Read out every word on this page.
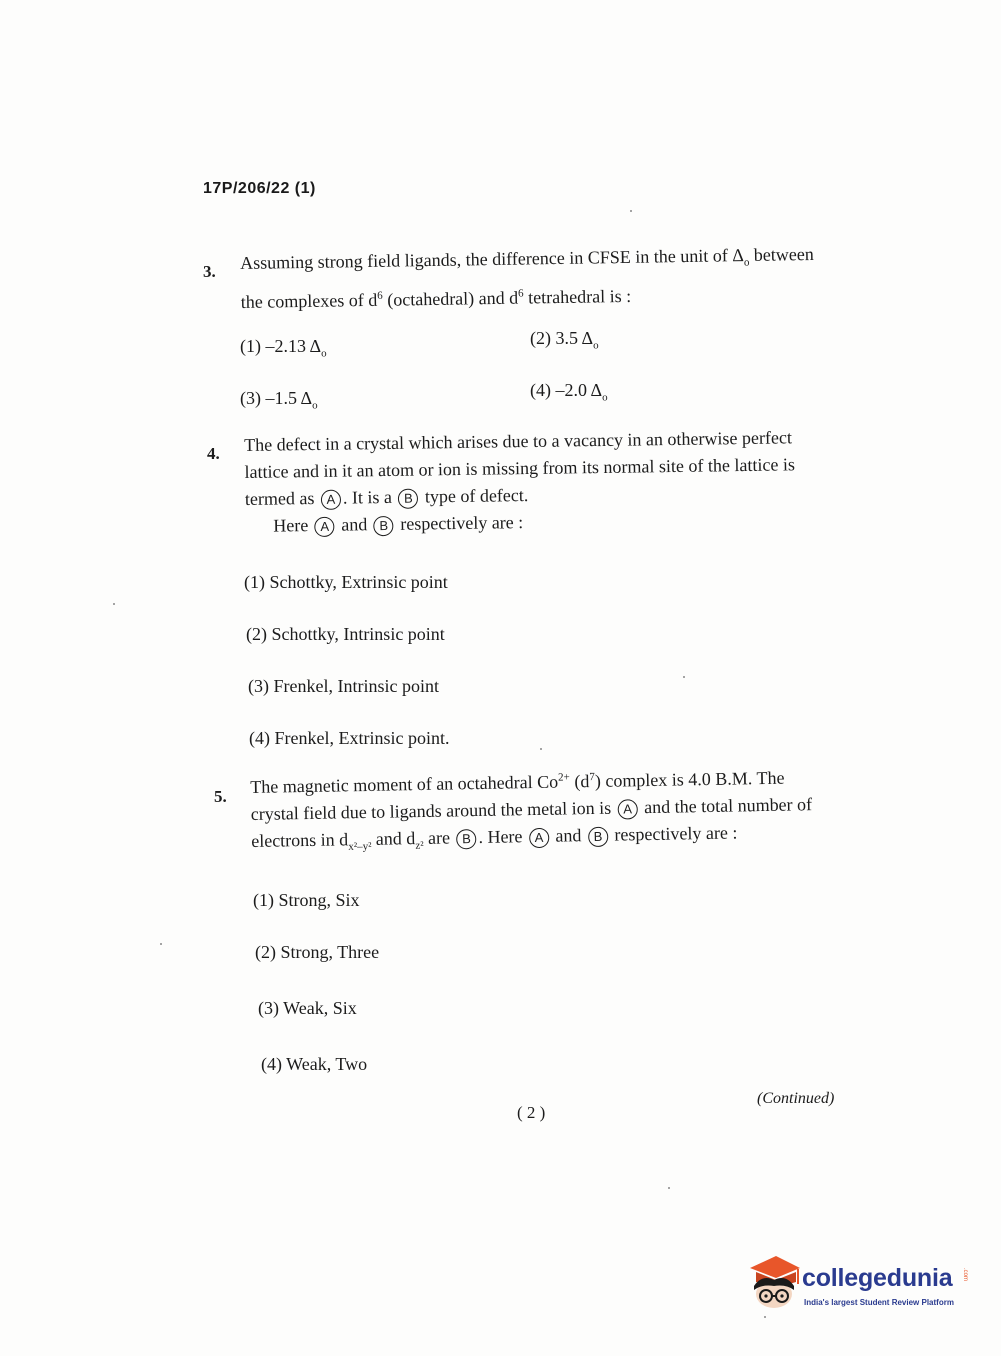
17P/206/22 (1)
3. Assuming strong field ligands, the difference in CFSE in the unit of $\Delta_o$ between
the complexes of $d^6$ (octahedral) and $d^6$ tetrahedral is :
(1) –2.13 $\Delta_o$
(2) 3.5 $\Delta_o$
(3) –1.5 $\Delta_o$
(4) –2.0 $\Delta_o$
4. The defect in a crystal which arises due to a vacancy in an otherwise perfect
lattice and in it an atom or ion is missing from its normal site of the lattice is
termed as A . It is a B type of defect.
Here A and B respectively are :
(1) Schottky, Extrinsic point
(2) Schottky, Intrinsic point
(3) Frenkel, Intrinsic point
(4) Frenkel, Extrinsic point.
5. The magnetic moment of an octahedral $Co^{2+}$ $(d^7)$ complex is 4.0 B.M. The
crystal field due to ligands around the metal ion is A and the total number of
electrons in $d_{x^2-y^2}$ and $d_{z^2}$ are B . Here A and B respectively are :
(1) Strong, Six
(2) Strong, Three
(3) Weak, Six
(4) Weak, Two
( 2 )
(Continued)
collegedunia .com
India's largest Student Review Platform
